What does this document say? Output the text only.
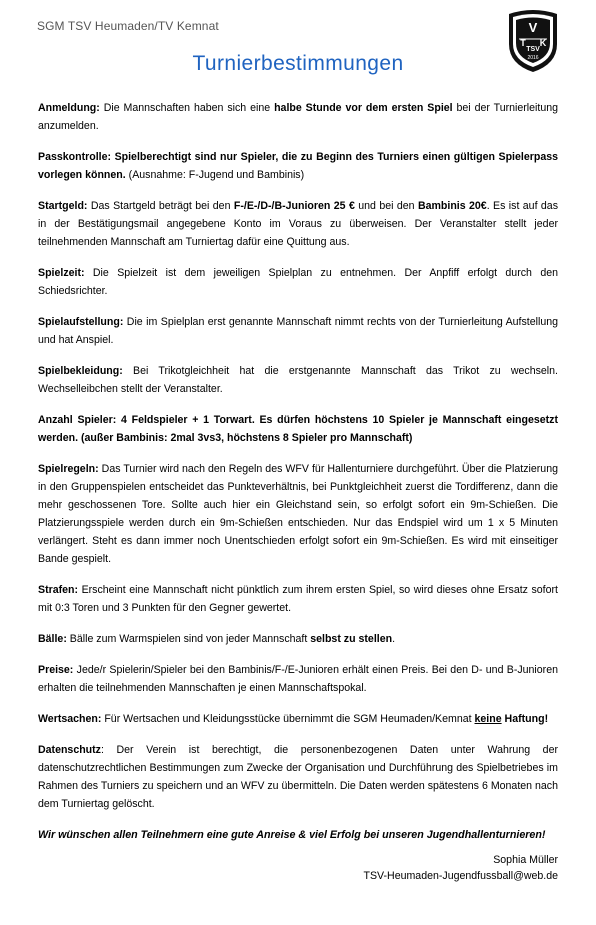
SGM TSV Heumaden/TV Kemnat	V
T K
TSV
2016
Turnierbestimmungen

Anmeldung: Die Mannschaften haben sich eine halbe Stunde vor dem ersten Spiel bei der Turnierleitung anzumelden.

Passkontrolle: Spielberechtigt sind nur Spieler, die zu Beginn des Turniers einen gültigen Spielerpass vorlegen können. (Ausnahme: F-Jugend und Bambinis)

Startgeld: Das Startgeld beträgt bei den F-/E-/D-/B-Junioren 25 € und bei den Bambinis 20€. Es ist auf das in der Bestätigungsmail angegebene Konto im Voraus zu überweisen. Der Veranstalter stellt jeder teilnehmenden Mannschaft am Turniertag dafür eine Quittung aus.

Spielzeit: Die Spielzeit ist dem jeweiligen Spielplan zu entnehmen. Der Anpfiff erfolgt durch den Schiedsrichter.

Spielaufstellung: Die im Spielplan erst genannte Mannschaft nimmt rechts von der Turnierleitung Aufstellung und hat Anspiel.

Spielbekleidung: Bei Trikotgleichheit hat die erstgenannte Mannschaft das Trikot zu wechseln. Wechselleibchen stellt der Veranstalter.

Anzahl Spieler: 4 Feldspieler + 1 Torwart. Es dürfen höchstens 10 Spieler je Mannschaft eingesetzt werden. (außer Bambinis: 2mal 3vs3, höchstens 8 Spieler pro Mannschaft)

Spielregeln: Das Turnier wird nach den Regeln des WFV für Hallenturniere durchgeführt. Über die Platzierung in den Gruppenspielen entscheidet das Punkteverhältnis, bei Punktgleichheit zuerst die Tordifferenz, dann die mehr geschossenen Tore. Sollte auch hier ein Gleichstand sein, so erfolgt sofort ein 9m-Schießen. Die Platzierungsspiele werden durch ein 9m-Schießen entschieden. Nur das Endspiel wird um 1 x 5 Minuten verlängert. Steht es dann immer noch Unentschieden erfolgt sofort ein 9m-Schießen. Es wird mit einseitiger Bande gespielt.

Strafen: Erscheint eine Mannschaft nicht pünktlich zum ihrem ersten Spiel, so wird dieses ohne Ersatz sofort mit 0:3 Toren und 3 Punkten für den Gegner gewertet.

Bälle: Bälle zum Warmspielen sind von jeder Mannschaft selbst zu stellen.

Preise: Jede/r Spielerin/Spieler bei den Bambinis/F-/E-Junioren erhält einen Preis. Bei den D- und B-Junioren erhalten die teilnehmenden Mannschaften je einen Mannschaftspokal.

Wertsachen: Für Wertsachen und Kleidungsstücke übernimmt die SGM Heumaden/Kemnat keine Haftung!

Datenschutz: Der Verein ist berechtigt, die personenbezogenen Daten unter Wahrung der datenschutzrechtlichen Bestimmungen zum Zwecke der Organisation und Durchführung des Spielbetriebes im Rahmen des Turniers zu speichern und an WFV zu übermitteln. Die Daten werden spätestens 6 Monaten nach dem Turniertag gelöscht.

Wir wünschen allen Teilnehmern eine gute Anreise & viel Erfolg bei unseren Jugendhallenturnieren!

Sophia Müller
TSV-Heumaden-Jugendfussball@web.de
